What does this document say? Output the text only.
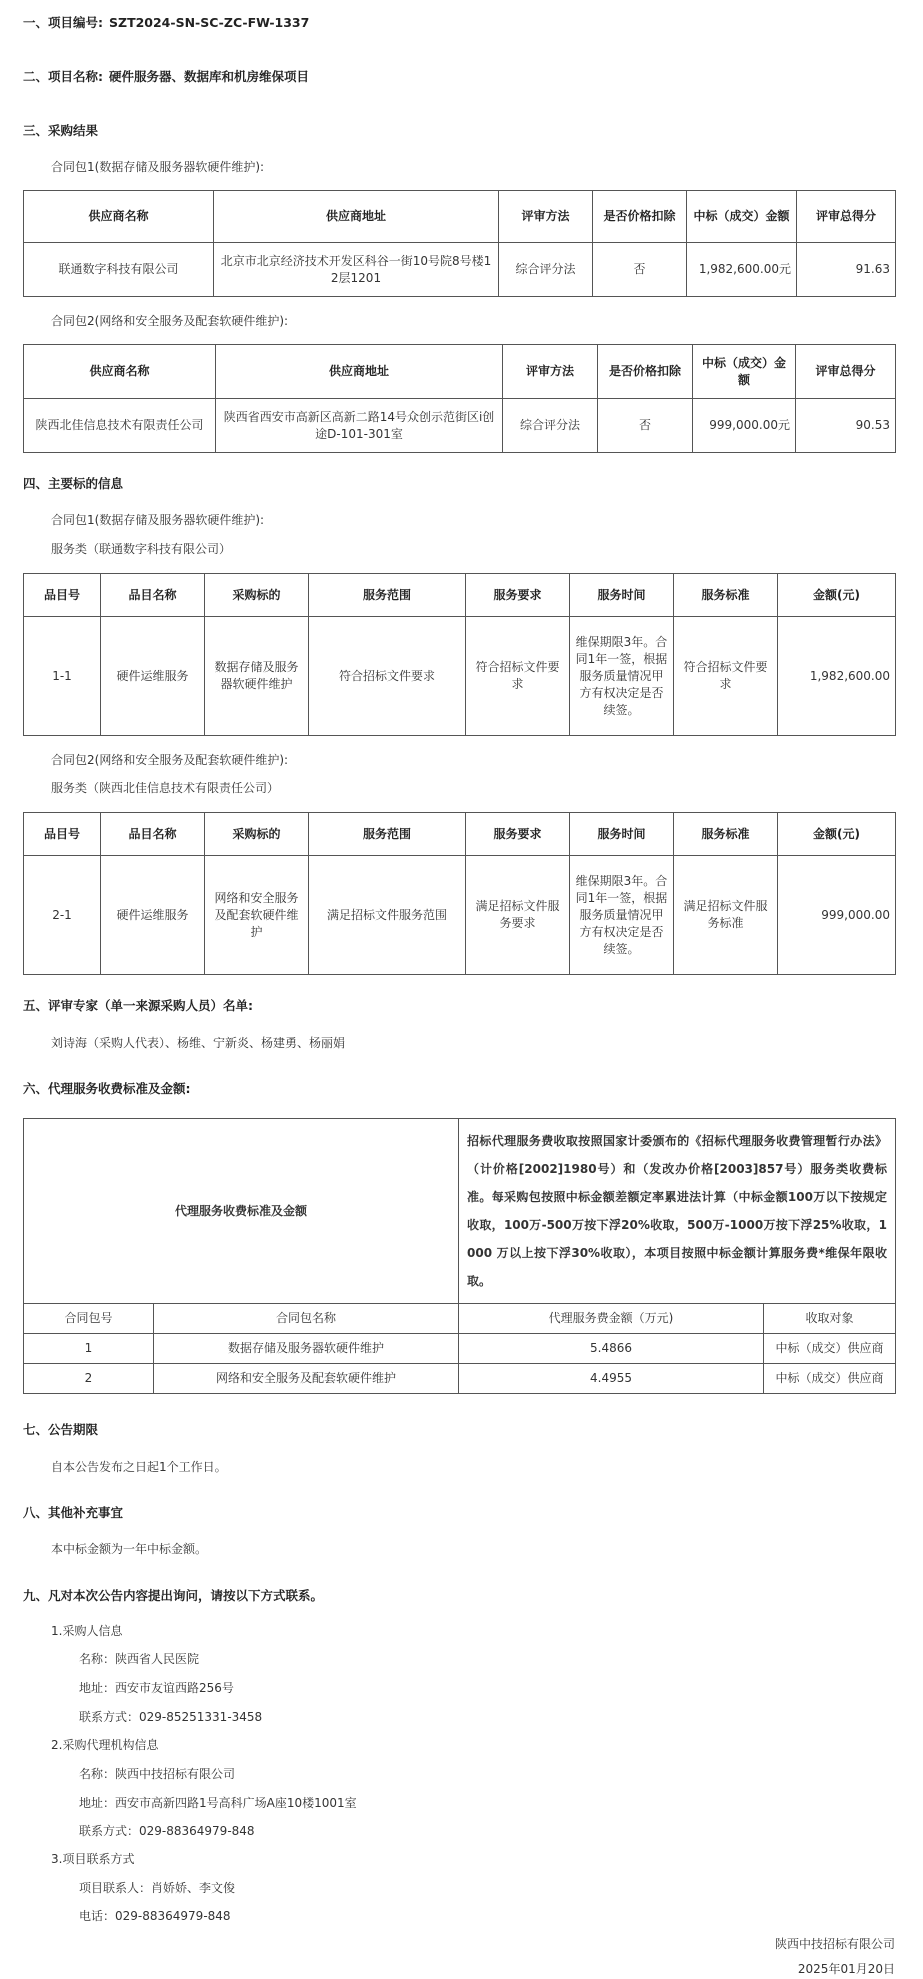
一、项目编号: SZT2024-SN-SC-ZC-FW-1337
二、项目名称: 硬件服务器、数据库和机房维保项目
三、采购结果
合同包1(数据存储及服务器软硬件维护):
供应商名称	供应商地址	评审方法	是否价格扣除	中标（成交）金额	评审总得分
联通数字科技有限公司	北京市北京经济技术开发区科谷一街10号院8号楼12层1201	综合评分法	否	1,982,600.00元	91.63
合同包2(网络和安全服务及配套软硬件维护):
供应商名称	供应商地址	评审方法	是否价格扣除	中标（成交）金额	评审总得分
陕西北佳信息技术有限责任公司	陕西省西安市高新区高新二路14号众创示范街区i创途D-101-301室	综合评分法	否	999,000.00元	90.53
四、主要标的信息
合同包1(数据存储及服务器软硬件维护):
服务类（联通数字科技有限公司）
品目号	品目名称	采购标的	服务范围	服务要求	服务时间	服务标准	金额(元)
1-1	硬件运维服务	数据存储及服务器软硬件维护	符合招标文件要求	符合招标文件要求	维保期限3年。合同1年一签，根据服务质量情况甲方有权决定是否续签。	符合招标文件要求	1,982,600.00
合同包2(网络和安全服务及配套软硬件维护):
服务类（陕西北佳信息技术有限责任公司）
品目号	品目名称	采购标的	服务范围	服务要求	服务时间	服务标准	金额(元)
2-1	硬件运维服务	网络和安全服务及配套软硬件维护	满足招标文件服务范围	满足招标文件服务要求	维保期限3年。合同1年一签，根据服务质量情况甲方有权决定是否续签。	满足招标文件服务标准	999,000.00
五、评审专家（单一来源采购人员）名单:
刘诗海（采购人代表）、杨维、宁新炎、杨建勇、杨丽娟
六、代理服务收费标准及金额:
代理服务收费标准及金额		招标代理服务费收取按照国家计委颁布的《招标代理服务收费管理暂行办法》（计价格[2002]1980号）和（发改办价格[2003]857号）服务类收费标准。每采购包按照中标金额差额定率累进法计算（中标金额100万以下按规定收取，100万-500万按下浮20%收取，500万-1000万按下浮25%收取，1000 万以上按下浮30%收取），本项目按照中标金额计算服务费*维保年限收取。	
合同包号	合同包名称	代理服务费金额（万元)	收取对象
1	数据存储及服务器软硬件维护	5.4866	中标（成交）供应商
2	网络和安全服务及配套软硬件维护	4.4955	中标（成交）供应商
七、公告期限
自本公告发布之日起1个工作日。
八、其他补充事宜
本中标金额为一年中标金额。
九、凡对本次公告内容提出询问，请按以下方式联系。
1.采购人信息
名称：陕西省人民医院
地址：西安市友谊西路256号
联系方式：029-85251331-3458
2.采购代理机构信息
名称：陕西中技招标有限公司
地址：西安市高新四路1号高科广场A座10楼1001室
联系方式：029-88364979-848
3.项目联系方式
项目联系人：肖娇娇、李文俊
电话：029-88364979-848
陕西中技招标有限公司
2025年01月20日
